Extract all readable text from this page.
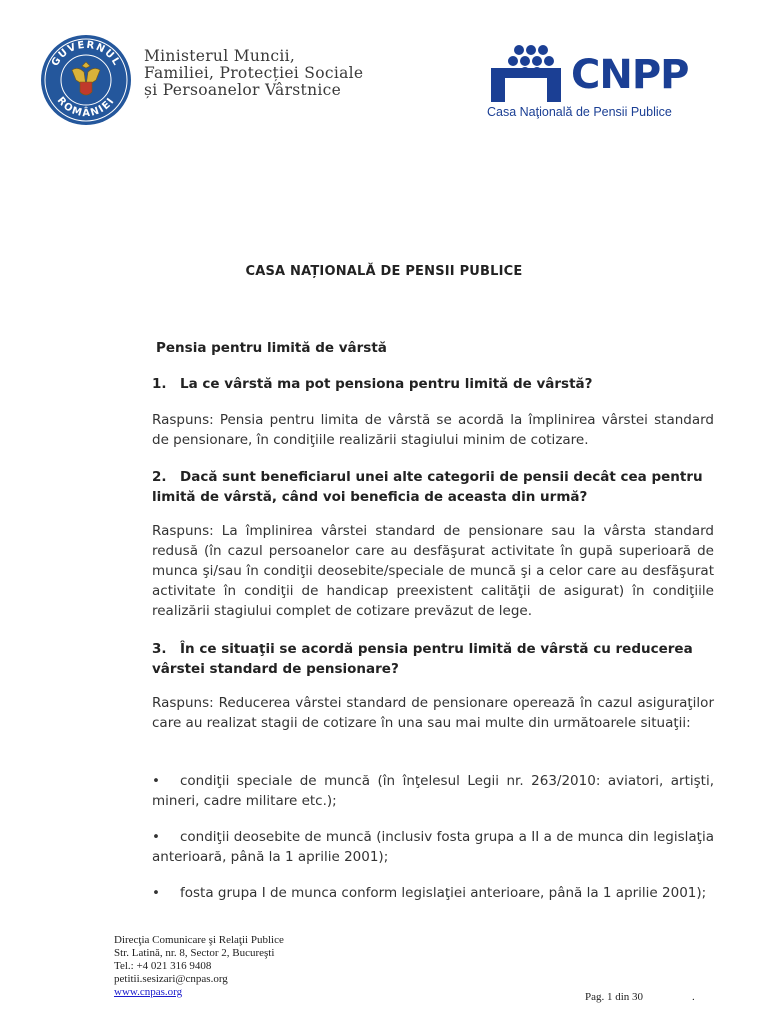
GUVERNUL
ROMÂNIEI
Ministerul Muncii,
Familiei, Protecției Sociale
și Persoanelor Vârstnice	CNPP
Casa Naţională de Pensii Publice
CASA NAȚIONALĂ DE PENSII PUBLICE
Pensia pentru limită de vârstă
1. La ce vârstă ma pot pensiona pentru limită de vârstă?
Raspuns: Pensia pentru limita de vârstă se acordă la împlinirea vârstei standard de pensionare, în condiţiile realizării stagiului minim de cotizare.
2. Dacă sunt beneficiarul unei alte categorii de pensii decât cea pentru limită de vârstă, când voi beneficia de aceasta din urmă?
Raspuns: La împlinirea vârstei standard de pensionare sau la vârsta standard redusă (în cazul persoanelor care au desfăşurat activitate în gupă superioară de munca şi/sau în condiţii deosebite/speciale de muncă şi a celor care au desfăşurat activitate în condiţii de handicap preexistent calităţii de asigurat) în condiţiile realizării stagiului complet de cotizare prevăzut de lege.
3. În ce situaţii se acordă pensia pentru limită de vârstă cu reducerea vârstei standard de pensionare?
Raspuns: Reducerea vârstei standard de pensionare operează în cazul asiguraţilor care au realizat stagii de cotizare în una sau mai multe din următoarele situaţii:
• condiţii speciale de muncă (în înţelesul Legii nr. 263/2010: aviatori, artişti, mineri, cadre militare etc.);
• condiţii deosebite de muncă (inclusiv fosta grupa a II a de munca din legislaţia anterioară, până la 1 aprilie 2001);
• fosta grupa I de munca conform legislaţiei anterioare, până la 1 aprilie 2001);
Direcţia Comunicare şi Relaţii Publice
Str. Latină, nr. 8, Sector 2, Bucureşti
Tel.: +4 021 316 9408
petitii.sesizari@cnpas.org
www.cnpas.org	Pag. 1 din 30	.
